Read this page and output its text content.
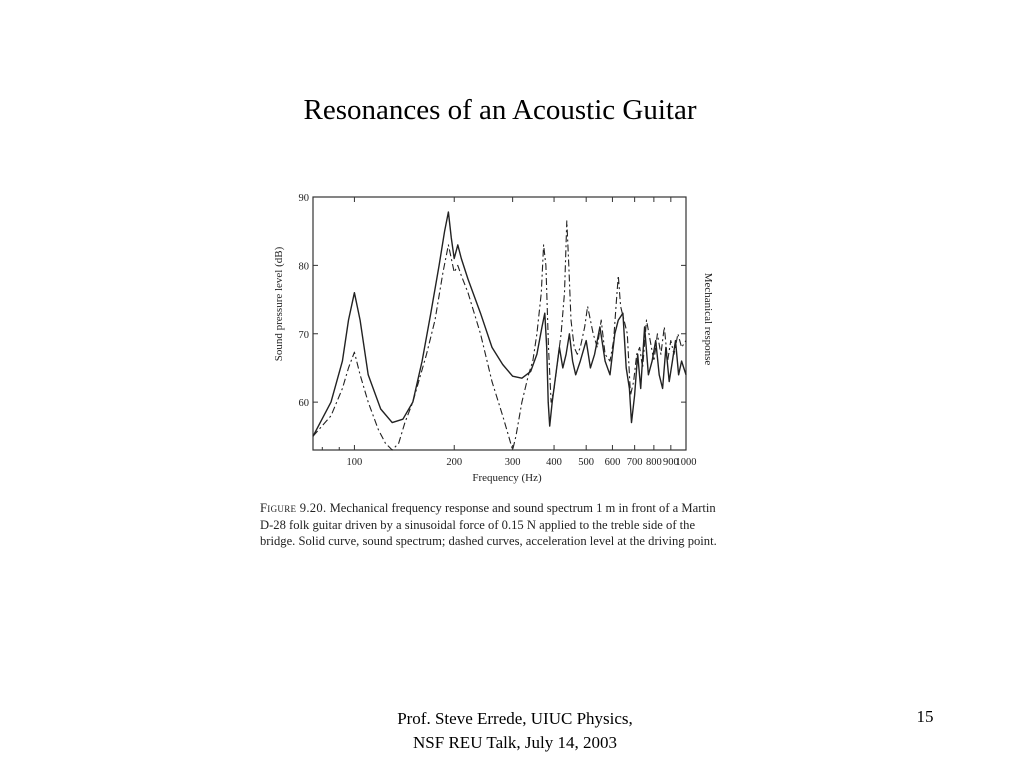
Resonances of an Acoustic Guitar
100	200	300 400 500 600 700 800 900
1000
60
70
80
90
Sound pressure level (dB)	Mechanical response
Frequency (Hz)
Figure 9.20. Mechanical frequency response and sound spectrum 1 m in front of a Martin D-28 folk guitar driven by a sinusoidal force of 0.15 N applied to the treble side of the bridge. Solid curve, sound spectrum; dashed curves, acceleration level at the driving point.
Prof. Steve Errede, UIUC Physics,
NSF REU Talk, July 14, 2003
15
